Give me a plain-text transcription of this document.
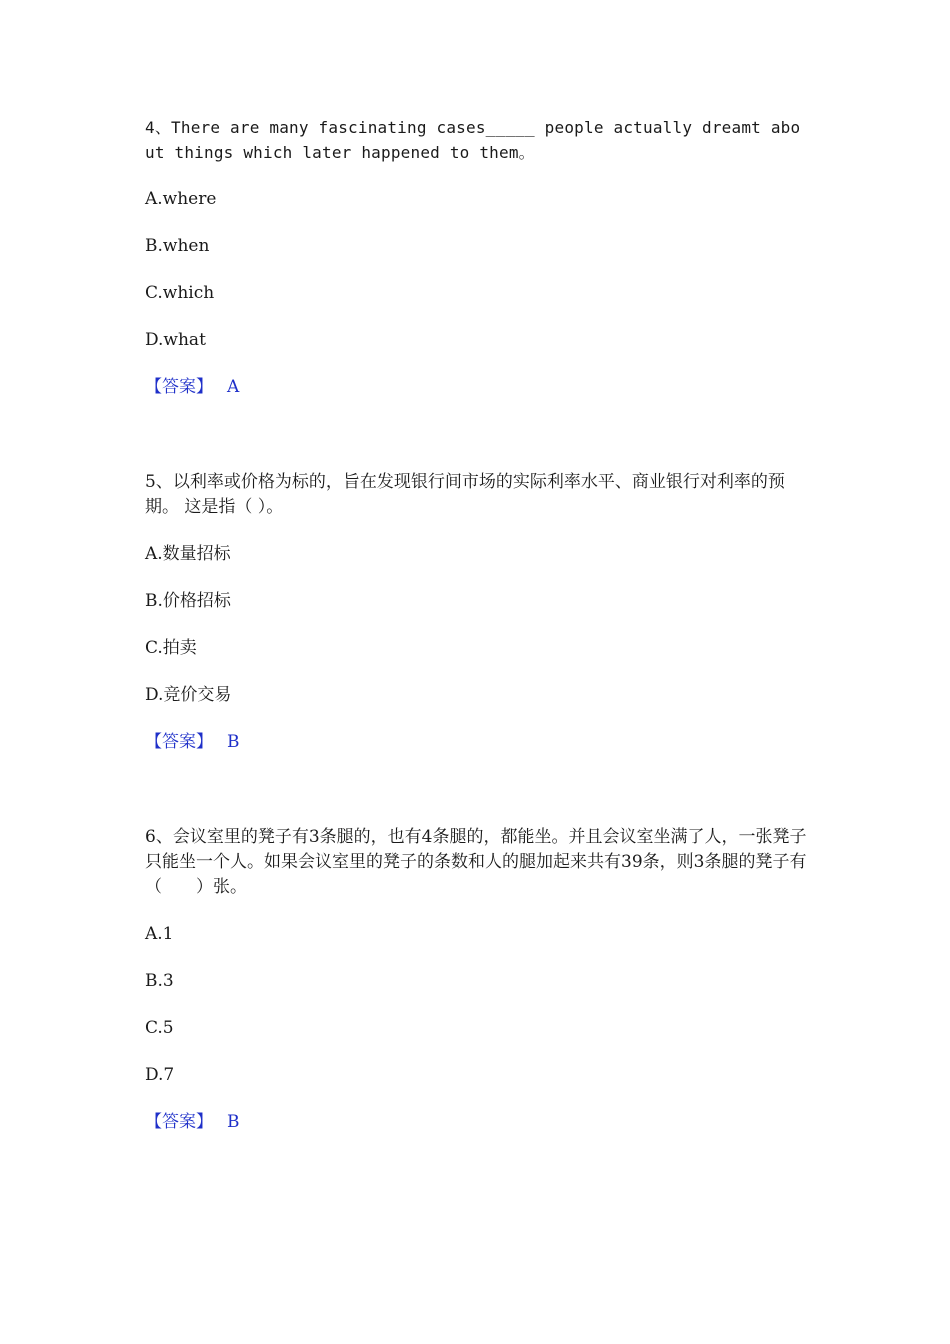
4、There are many fascinating cases_____ people actually dreamt about things which later happened to them。

A.where

B.when

C.which

D.what

【答案】 A

5、以利率或价格为标的，旨在发现银行间市场的实际利率水平、商业银行对利率的预期。 这是指（ ）。

A.数量招标

B.价格招标

C.拍卖

D.竞价交易

【答案】 B

6、会议室里的凳子有3条腿的，也有4条腿的，都能坐。并且会议室坐满了人，一张凳子只能坐一个人。如果会议室里的凳子的条数和人的腿加起来共有39条，则3条腿的凳子有（　　）张。

A.1

B.3

C.5

D.7

【答案】 B
